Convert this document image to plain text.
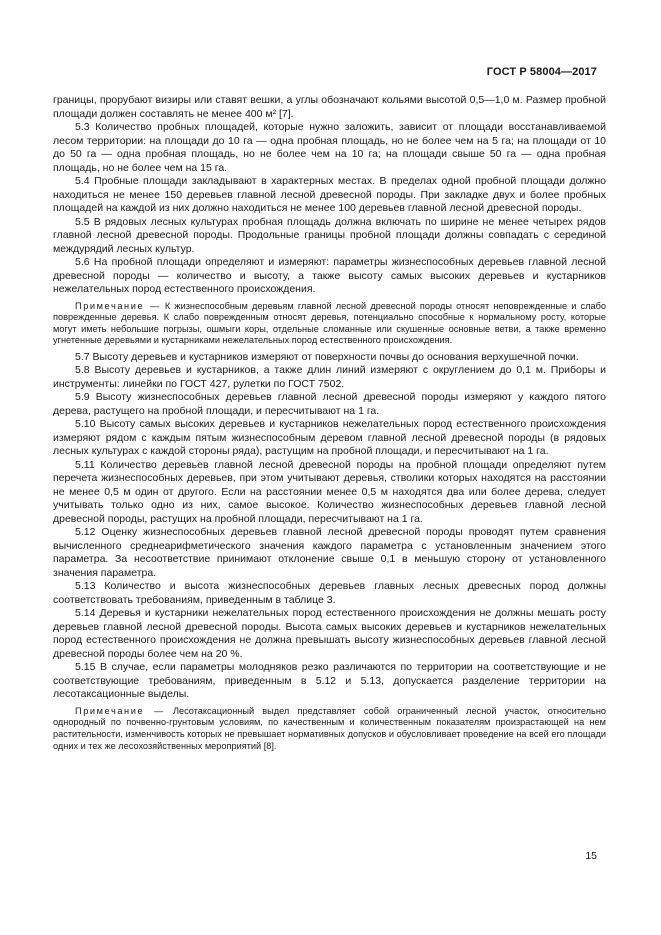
ГОСТ Р 58004—2017

границы, прорубают визиры или ставят вешки, а углы обозначают кольями высотой 0,5—1,0 м. Размер пробной площади должен составлять не менее 400 м² [7].

5.3 Количество пробных площадей, которые нужно заложить, зависит от площади восстанавливаемой лесом территории: на площади до 10 га — одна пробная площадь, но не более чем на 5 га; на площади от 10 до 50 га — одна пробная площадь, но не более чем на 10 га; на площади свыше 50 га — одна пробная площадь, но не более чем на 15 га.

5.4 Пробные площади закладывают в характерных местах. В пределах одной пробной площади должно находиться не менее 150 деревьев главной лесной древесной породы. При закладке двух и более пробных площадей на каждой из них должно находиться не менее 100 деревьев главной лесной древесной породы.

5.5 В рядовых лесных культурах пробная площадь должна включать по ширине не менее четырех рядов главной лесной древесной породы. Продольные границы пробной площади должны совпадать с серединой междурядий лесных культур.

5.6 На пробной площади определяют и измеряют: параметры жизнеспособных деревьев главной лесной древесной породы — количество и высоту, а также высоту самых высоких деревьев и кустарников нежелательных пород естественного происхождения.

Примечание — К жизнеспособным деревьям главной лесной древесной породы относят неповрежденные и слабо поврежденные деревья. К слабо поврежденным относят деревья, потенциально способные к нормальному росту, которые могут иметь небольшие погрызы, ошмыги коры, отдельные сломанные или скушенные основные ветви, а также временно угнетенные деревьями и кустарниками нежелательных пород естественного происхождения.

5.7 Высоту деревьев и кустарников измеряют от поверхности почвы до основания верхушечной почки.

5.8 Высоту деревьев и кустарников, а также длин линий измеряют с округлением до 0,1 м. Приборы и инструменты: линейки по ГОСТ 427, рулетки по ГОСТ 7502.

5.9 Высоту жизнеспособных деревьев главной лесной древесной породы измеряют у каждого пятого дерева, растущего на пробной площади, и пересчитывают на 1 га.

5.10 Высоту самых высоких деревьев и кустарников нежелательных пород естественного происхождения измеряют рядом с каждым пятым жизнеспособным деревом главной лесной древесной породы (в рядовых лесных культурах с каждой стороны ряда), растущим на пробной площади, и пересчитывают на 1 га.

5.11 Количество деревьев главной лесной древесной породы на пробной площади определяют путем перечета жизнеспособных деревьев, при этом учитывают деревья, стволики которых находятся на расстоянии не менее 0,5 м один от другого. Если на расстоянии менее 0,5 м находятся два или более дерева, следует учитывать только одно из них, самое высокое. Количество жизнеспособных деревьев главной лесной древесной породы, растущих на пробной площади, пересчитывают на 1 га.

5.12 Оценку жизнеспособных деревьев главной лесной древесной породы проводят путем сравнения вычисленного среднеарифметического значения каждого параметра с установленным значением этого параметра. За несоответствие принимают отклонение свыше 0,1 в меньшую сторону от установленного значения параметра.

5.13 Количество и высота жизнеспособных деревьев главных лесных древесных пород должны соответствовать требованиям, приведенным в таблице 3.

5.14 Деревья и кустарники нежелательных пород естественного происхождения не должны мешать росту деревьев главной лесной древесной породы. Высота самых высоких деревьев и кустарников нежелательных пород естественного происхождения не должна превышать высоту жизнеспособных деревьев главной лесной древесной породы более чем на 20 %.

5.15 В случае, если параметры молодняков резко различаются по территории на соответствующие и не соответствующие требованиям, приведенным в 5.12 и 5.13, допускается разделение территории на лесотаксационные выделы.

Примечание — Лесотаксационный выдел представляет собой ограниченный лесной участок, относительно однородный по почвенно-грунтовым условиям, по качественным и количественным показателям произрастающей на нем растительности, изменчивость которых не превышает нормативных допусков и обусловливает проведение на всей его площади одних и тех же лесохозяйственных мероприятий [8].

15
